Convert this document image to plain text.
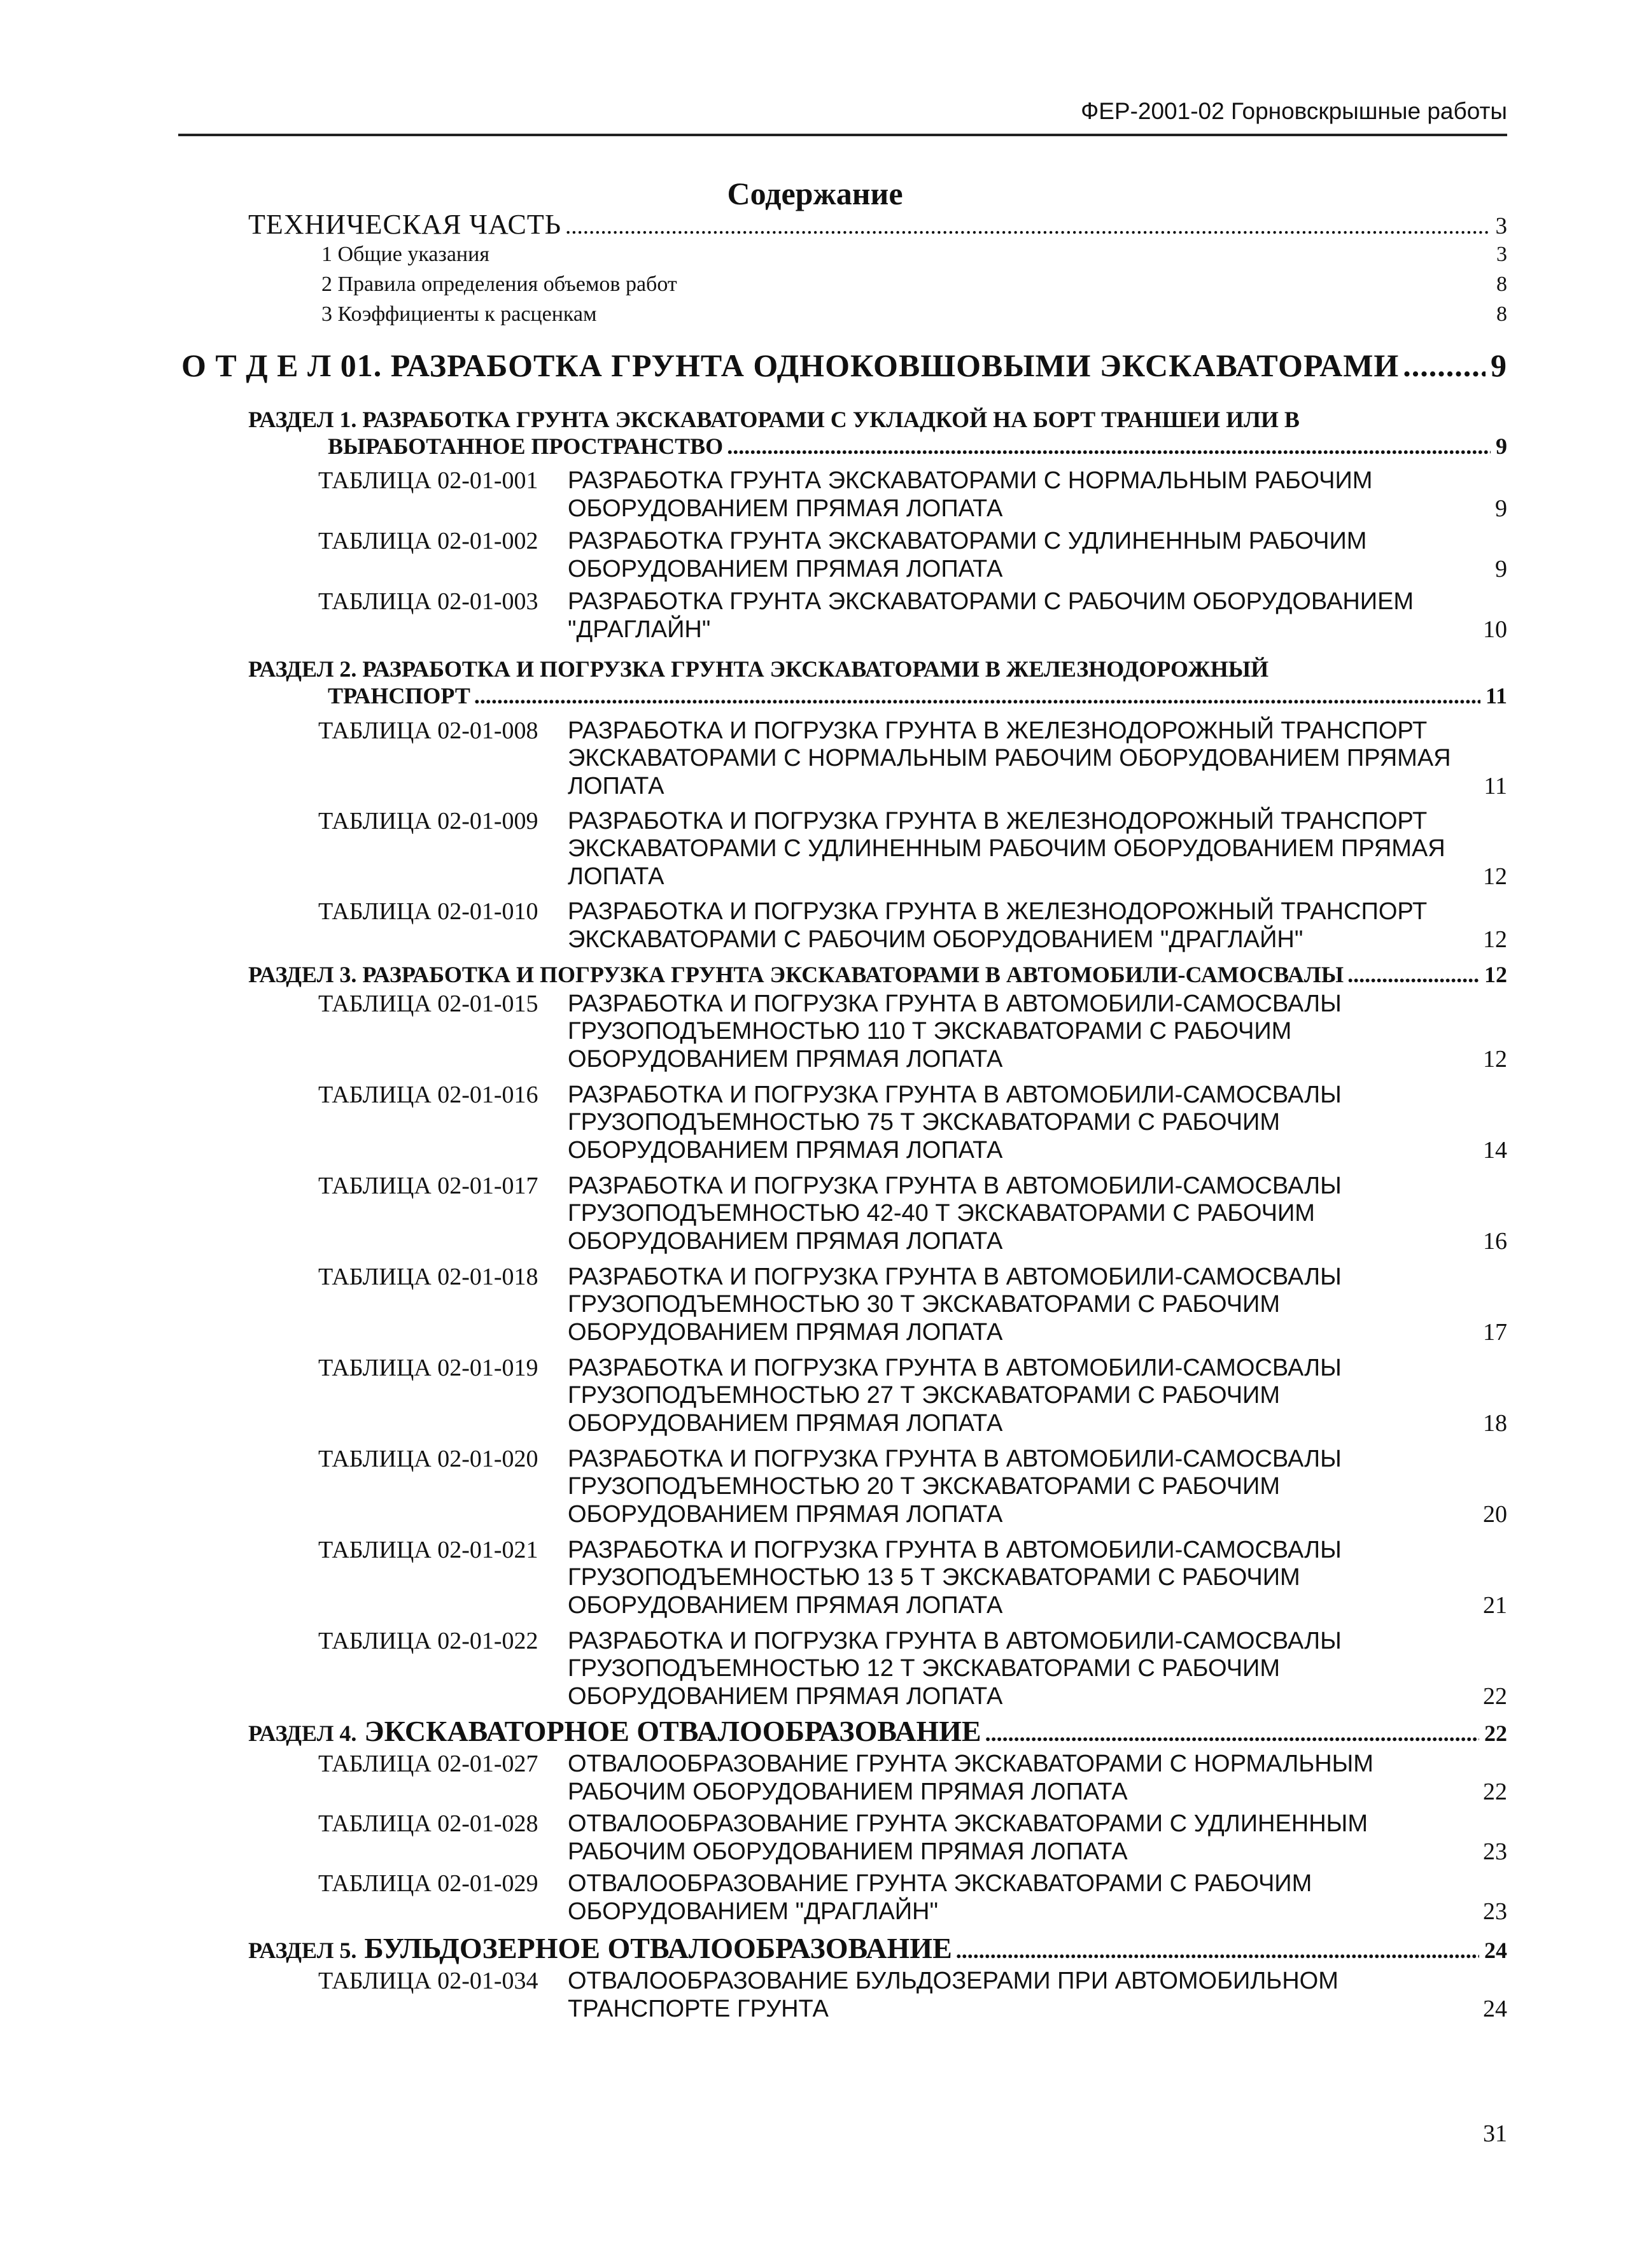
ФЕР-2001-02 Горновскрышные работы
Содержание
ТЕХНИЧЕСКАЯ ЧАСТЬ .....	3
1 Общие указания	3
2 Правила определения объемов работ	8
3 Коэффициенты к расценкам	8
О Т Д Е Л 01. РАЗРАБОТКА ГРУНТА ОДНОКОВШОВЫМИ ЭКСКАВАТОРАМИ .....	9
РАЗДЕЛ 1. РАЗРАБОТКА ГРУНТА ЭКСКАВАТОРАМИ С УКЛАДКОЙ НА БОРТ ТРАНШЕИ ИЛИ В
ВЫРАБОТАННОЕ ПРОСТРАНСТВО .....	9
ТАБЛИЦА 02-01-001	РАЗРАБОТКА ГРУНТА ЭКСКАВАТОРАМИ С НОРМАЛЬНЫМ РАБОЧИМ
ОБОРУДОВАНИЕМ ПРЯМАЯ ЛОПАТА	9
ТАБЛИЦА 02-01-002	РАЗРАБОТКА ГРУНТА ЭКСКАВАТОРАМИ С УДЛИНЕННЫМ РАБОЧИМ
ОБОРУДОВАНИЕМ ПРЯМАЯ ЛОПАТА	9
ТАБЛИЦА 02-01-003	РАЗРАБОТКА ГРУНТА ЭКСКАВАТОРАМИ С РАБОЧИМ ОБОРУДОВАНИЕМ
"ДРАГЛАЙН"	10
РАЗДЕЛ 2. РАЗРАБОТКА И ПОГРУЗКА ГРУНТА ЭКСКАВАТОРАМИ В ЖЕЛЕЗНОДОРОЖНЫЙ
ТРАНСПОРТ .....	11
ТАБЛИЦА 02-01-008	РАЗРАБОТКА И ПОГРУЗКА ГРУНТА В ЖЕЛЕЗНОДОРОЖНЫЙ ТРАНСПОРТ
ЭКСКАВАТОРАМИ С НОРМАЛЬНЫМ РАБОЧИМ ОБОРУДОВАНИЕМ ПРЯМАЯ
ЛОПАТА	11
ТАБЛИЦА 02-01-009	РАЗРАБОТКА И ПОГРУЗКА ГРУНТА В ЖЕЛЕЗНОДОРОЖНЫЙ ТРАНСПОРТ
ЭКСКАВАТОРАМИ С УДЛИНЕННЫМ РАБОЧИМ ОБОРУДОВАНИЕМ ПРЯМАЯ
ЛОПАТА	12
ТАБЛИЦА 02-01-010	РАЗРАБОТКА И ПОГРУЗКА ГРУНТА В ЖЕЛЕЗНОДОРОЖНЫЙ ТРАНСПОРТ
ЭКСКАВАТОРАМИ С РАБОЧИМ ОБОРУДОВАНИЕМ "ДРАГЛАЙН"	12
РАЗДЕЛ 3. РАЗРАБОТКА И ПОГРУЗКА ГРУНТА ЭКСКАВАТОРАМИ В АВТОМОБИЛИ-САМОСВАЛЫ .....	12
ТАБЛИЦА 02-01-015	РАЗРАБОТКА И ПОГРУЗКА ГРУНТА В АВТОМОБИЛИ-САМОСВАЛЫ
ГРУЗОПОДЪЕМНОСТЬЮ 110 Т ЭКСКАВАТОРАМИ С РАБОЧИМ
ОБОРУДОВАНИЕМ ПРЯМАЯ ЛОПАТА	12
ТАБЛИЦА 02-01-016	РАЗРАБОТКА И ПОГРУЗКА ГРУНТА В АВТОМОБИЛИ-САМОСВАЛЫ
ГРУЗОПОДЪЕМНОСТЬЮ 75 Т ЭКСКАВАТОРАМИ С РАБОЧИМ
ОБОРУДОВАНИЕМ ПРЯМАЯ ЛОПАТА	14
ТАБЛИЦА 02-01-017	РАЗРАБОТКА И ПОГРУЗКА ГРУНТА В АВТОМОБИЛИ-САМОСВАЛЫ
ГРУЗОПОДЪЕМНОСТЬЮ 42-40 Т ЭКСКАВАТОРАМИ С РАБОЧИМ
ОБОРУДОВАНИЕМ ПРЯМАЯ ЛОПАТА	16
ТАБЛИЦА 02-01-018	РАЗРАБОТКА И ПОГРУЗКА ГРУНТА В АВТОМОБИЛИ-САМОСВАЛЫ
ГРУЗОПОДЪЕМНОСТЬЮ 30 Т ЭКСКАВАТОРАМИ С РАБОЧИМ
ОБОРУДОВАНИЕМ ПРЯМАЯ ЛОПАТА	17
ТАБЛИЦА 02-01-019	РАЗРАБОТКА И ПОГРУЗКА ГРУНТА В АВТОМОБИЛИ-САМОСВАЛЫ
ГРУЗОПОДЪЕМНОСТЬЮ 27 Т ЭКСКАВАТОРАМИ С РАБОЧИМ
ОБОРУДОВАНИЕМ ПРЯМАЯ ЛОПАТА	18
ТАБЛИЦА 02-01-020	РАЗРАБОТКА И ПОГРУЗКА ГРУНТА В АВТОМОБИЛИ-САМОСВАЛЫ
ГРУЗОПОДЪЕМНОСТЬЮ 20 Т ЭКСКАВАТОРАМИ С РАБОЧИМ
ОБОРУДОВАНИЕМ ПРЯМАЯ ЛОПАТА	20
ТАБЛИЦА 02-01-021	РАЗРАБОТКА И ПОГРУЗКА ГРУНТА В АВТОМОБИЛИ-САМОСВАЛЫ
ГРУЗОПОДЪЕМНОСТЬЮ 13 5 Т ЭКСКАВАТОРАМИ С РАБОЧИМ
ОБОРУДОВАНИЕМ ПРЯМАЯ ЛОПАТА	21
ТАБЛИЦА 02-01-022	РАЗРАБОТКА И ПОГРУЗКА ГРУНТА В АВТОМОБИЛИ-САМОСВАЛЫ
ГРУЗОПОДЪЕМНОСТЬЮ 12 Т ЭКСКАВАТОРАМИ С РАБОЧИМ
ОБОРУДОВАНИЕМ ПРЯМАЯ ЛОПАТА	22
РАЗДЕЛ 4. ЭКСКАВАТОРНОЕ ОТВАЛООБРАЗОВАНИЕ .....	22
ТАБЛИЦА 02-01-027	ОТВАЛООБРАЗОВАНИЕ ГРУНТА ЭКСКАВАТОРАМИ С НОРМАЛЬНЫМ
РАБОЧИМ ОБОРУДОВАНИЕМ ПРЯМАЯ ЛОПАТА	22
ТАБЛИЦА 02-01-028	ОТВАЛООБРАЗОВАНИЕ ГРУНТА ЭКСКАВАТОРАМИ С УДЛИНЕННЫМ
РАБОЧИМ ОБОРУДОВАНИЕМ ПРЯМАЯ ЛОПАТА	23
ТАБЛИЦА 02-01-029	ОТВАЛООБРАЗОВАНИЕ ГРУНТА ЭКСКАВАТОРАМИ С РАБОЧИМ
ОБОРУДОВАНИЕМ "ДРАГЛАЙН"	23
РАЗДЕЛ 5. БУЛЬДОЗЕРНОЕ ОТВАЛООБРАЗОВАНИЕ .....	24
ТАБЛИЦА 02-01-034	ОТВАЛООБРАЗОВАНИЕ БУЛЬДОЗЕРАМИ ПРИ АВТОМОБИЛЬНОМ
ТРАНСПОРТЕ ГРУНТА	24
31
